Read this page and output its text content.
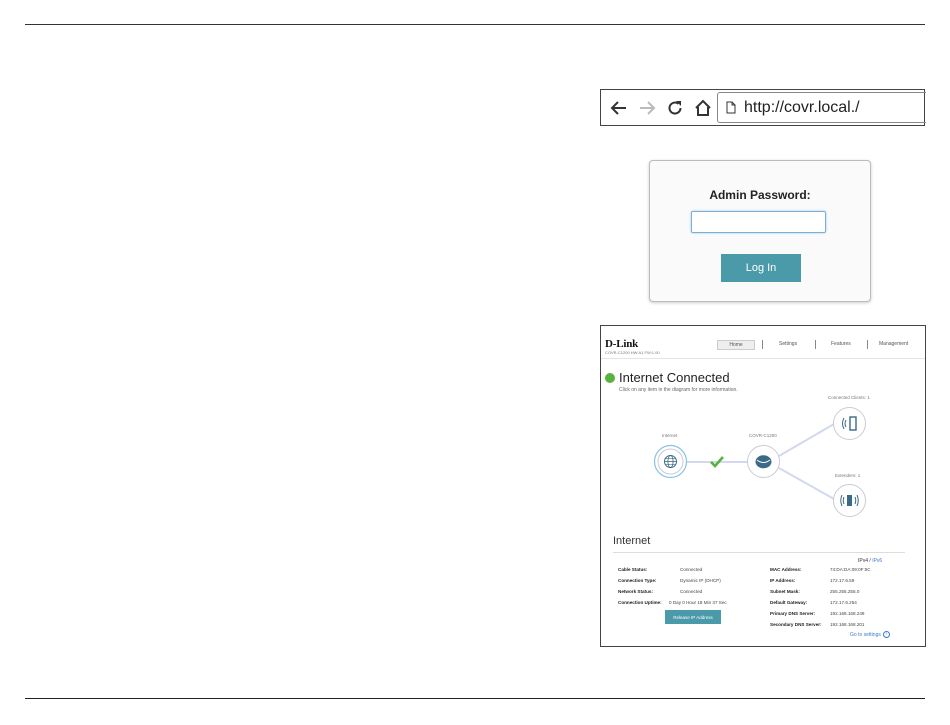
http://covr.local./
Admin Password:
Log In
D-Link
COVR-C1200 HW:A1 FW:1.00
Home	Settings	Features	Management
Internet Connected
Click on any item in the diagram for more information.
Internet	COVR-C1200
Connected Clients: 1
Extenders: 1
Internet
IPv4 / IPv6
Cable Status:	Connected
Connection Type:	Dynamic IP (DHCP)
Network Status:	Connected
Connection Uptime: 0 Day 0 Hour 18 Min 37 Sec
MAC Address:	74:DA:DA:09:0F:5C
IP Address:	172.17.6.59
Subnet Mask:	255.255.255.0
Default Gateway:	172.17.6.254
Primary DNS Server:	192.168.168.249
Secondary DNS Server: 192.168.168.201
Release IP Address
Go to settings ›
